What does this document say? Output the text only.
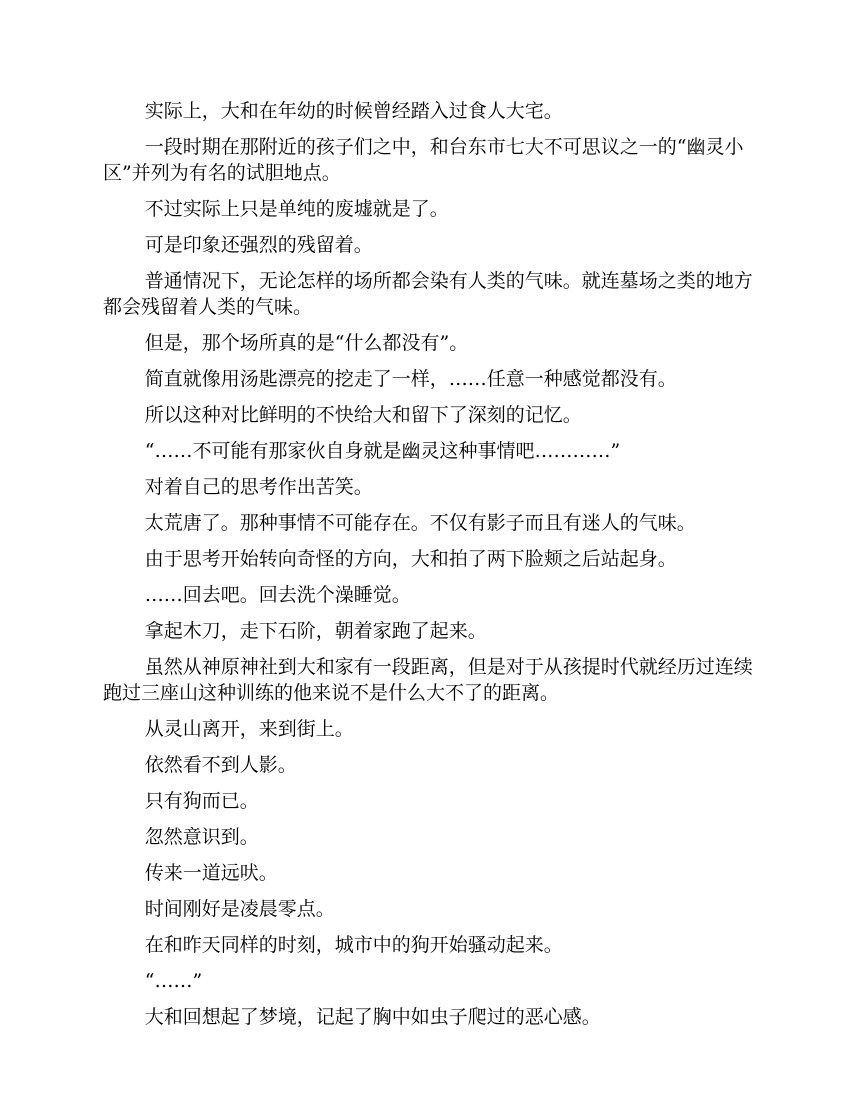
实际上，大和在年幼的时候曾经踏入过食人大宅。

一段时期在那附近的孩子们之中，和台东市七大不可思议之一的“幽灵小区”并列为有名的试胆地点。

不过实际上只是单纯的废墟就是了。

可是印象还强烈的残留着。

普通情况下，无论怎样的场所都会染有人类的气味。就连墓场之类的地方都会残留着人类的气味。

但是，那个场所真的是“什么都没有”。

简直就像用汤匙漂亮的挖走了一样，……任意一种感觉都没有。

所以这种对比鲜明的不快给大和留下了深刻的记忆。

“……不可能有那家伙自身就是幽灵这种事情吧…………”

对着自己的思考作出苦笑。

太荒唐了。那种事情不可能存在。不仅有影子而且有迷人的气味。

由于思考开始转向奇怪的方向，大和拍了两下脸颊之后站起身。

……回去吧。回去洗个澡睡觉。

拿起木刀，走下石阶，朝着家跑了起来。

虽然从神原神社到大和家有一段距离，但是对于从孩提时代就经历过连续跑过三座山这种训练的他来说不是什么大不了的距离。

从灵山离开，来到街上。

依然看不到人影。

只有狗而已。

忽然意识到。

传来一道远吠。

时间刚好是凌晨零点。

在和昨天同样的时刻，城市中的狗开始骚动起来。

“……”

大和回想起了梦境，记起了胸中如虫子爬过的恶心感。
